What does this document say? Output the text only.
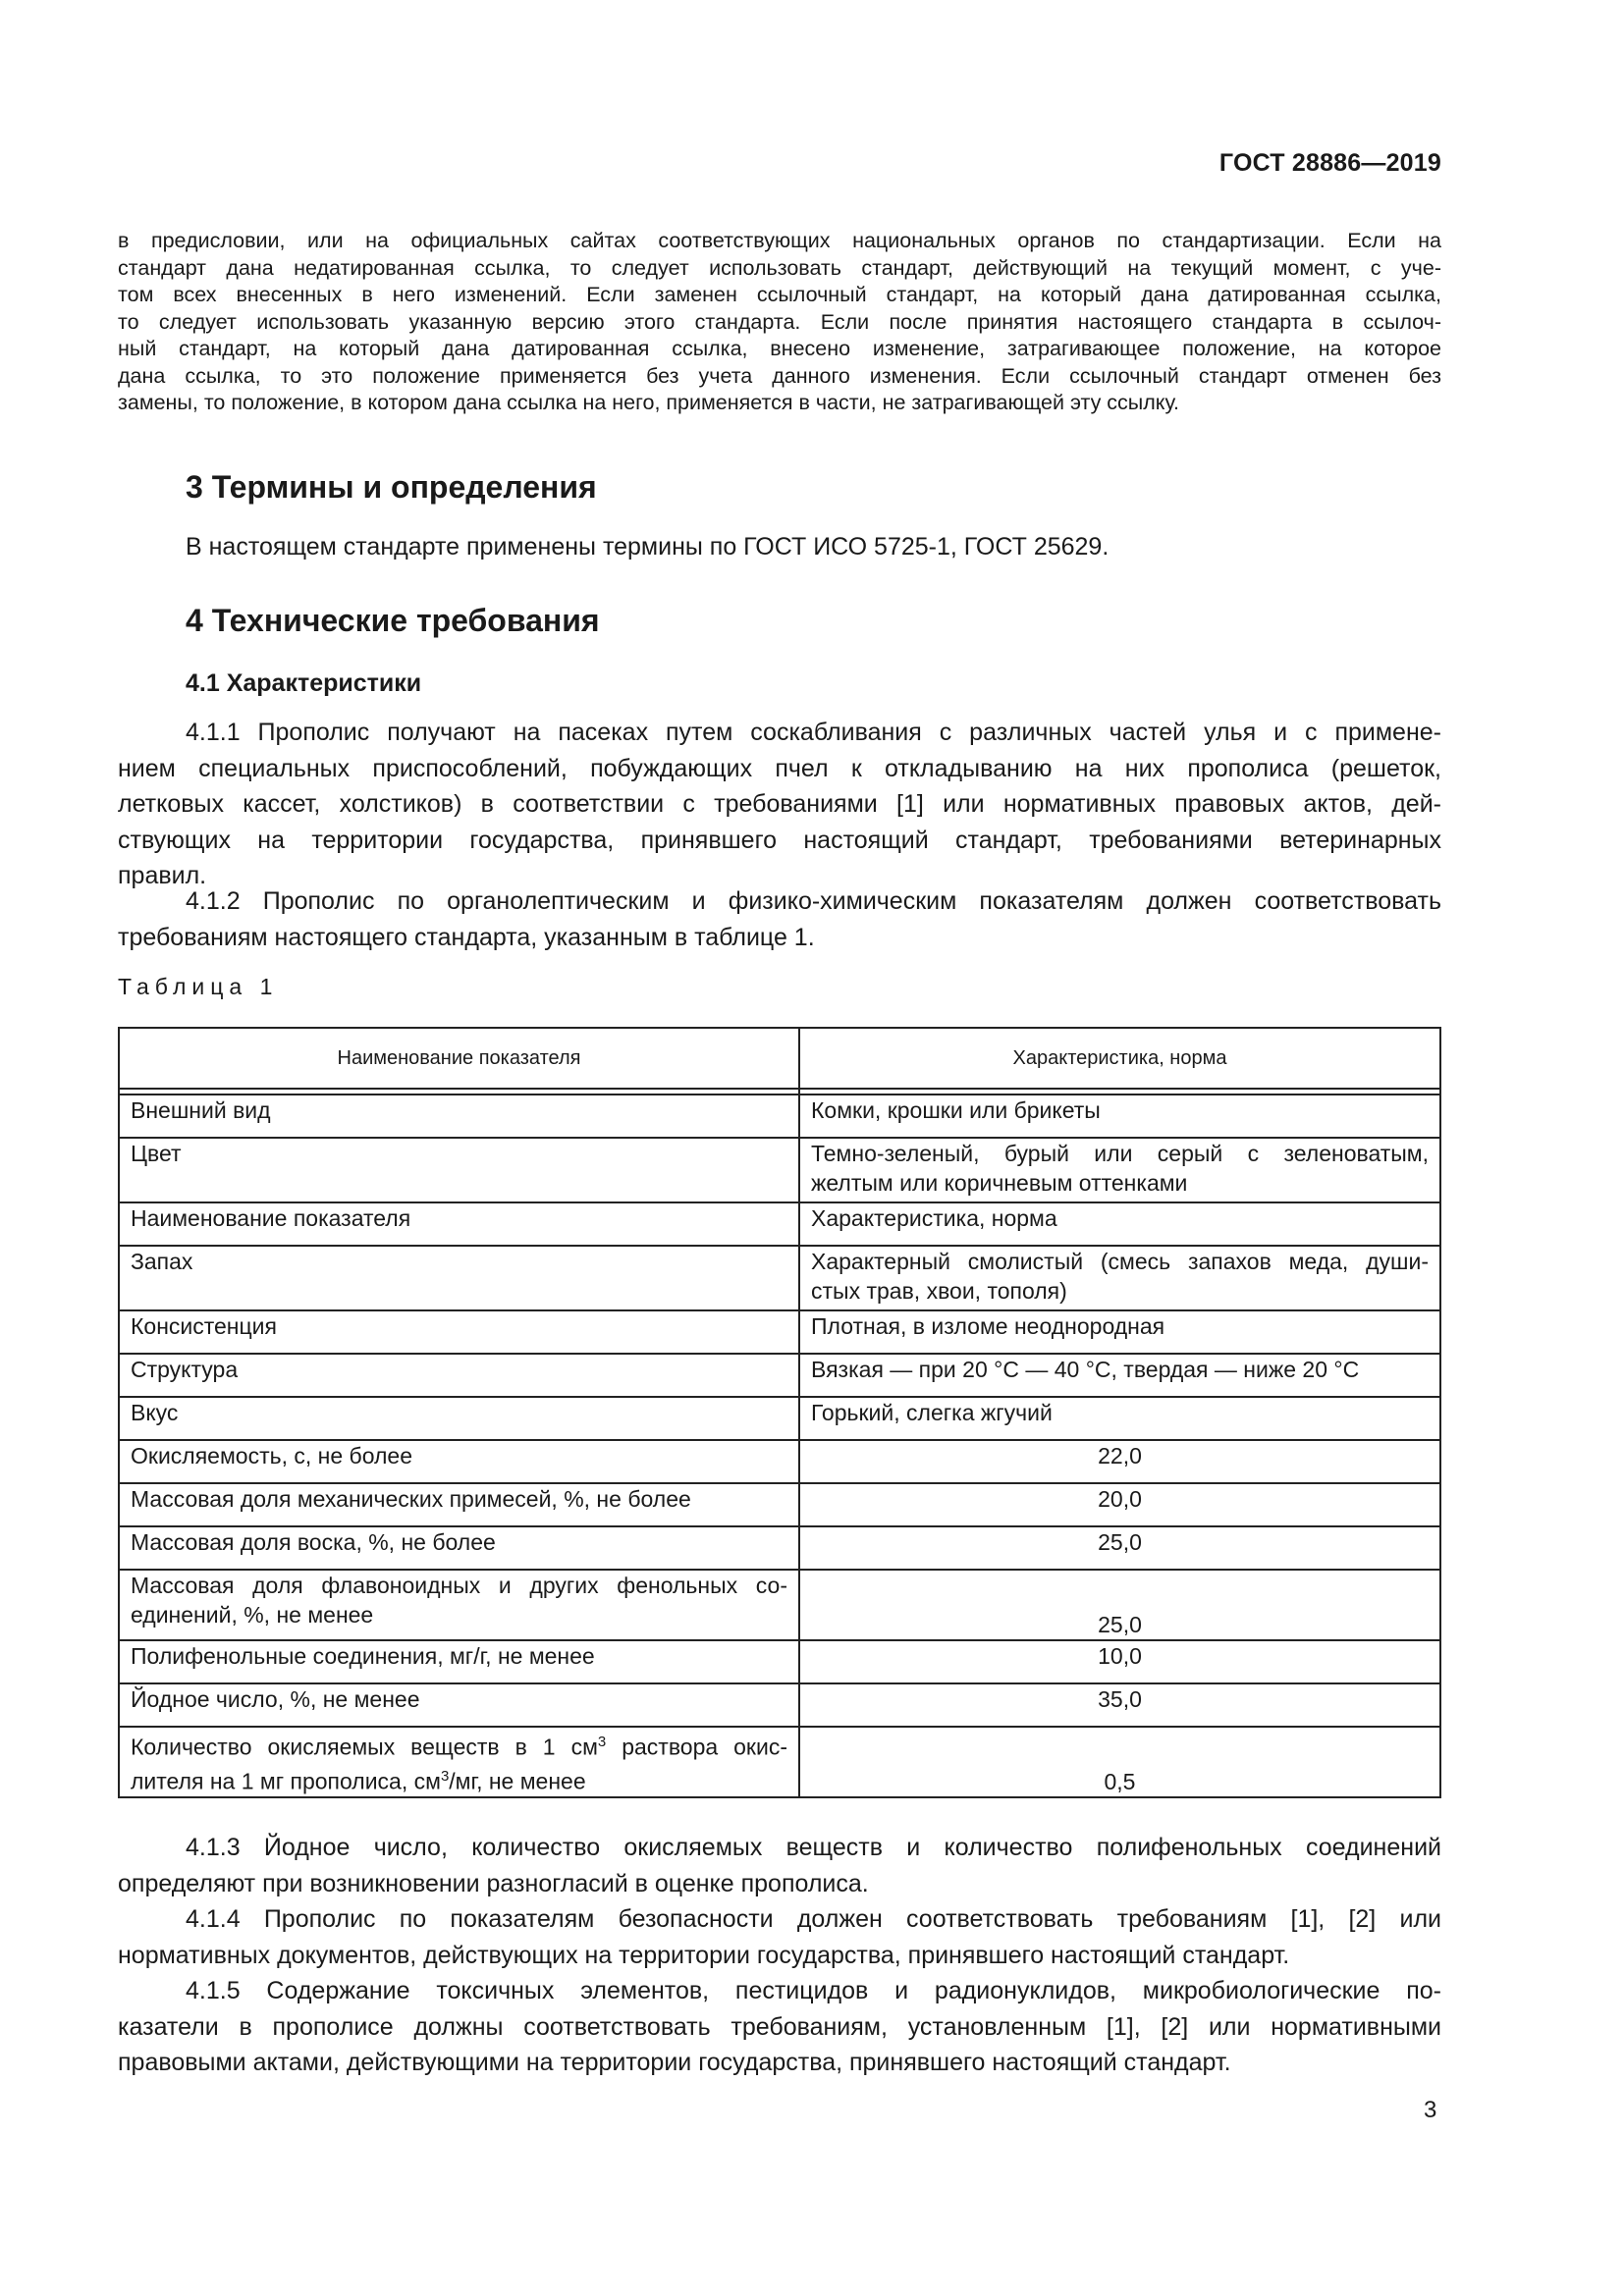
ГОСТ 28886—2019
в предисловии, или на официальных сайтах соответствующих национальных органов по стандартизации. Если на
стандарт дана недатированная ссылка, то следует использовать стандарт, действующий на текущий момент, с уче-
том всех внесенных в него изменений. Если заменен ссылочный стандарт, на который дана датированная ссылка,
то следует использовать указанную версию этого стандарта. Если после принятия настоящего стандарта в ссылоч-
ный стандарт, на который дана датированная ссылка, внесено изменение, затрагивающее положение, на которое
дана ссылка, то это положение применяется без учета данного изменения. Если ссылочный стандарт отменен без
замены, то положение, в котором дана ссылка на него, применяется в части, не затрагивающей эту ссылку.
3 Термины и определения
В настоящем стандарте применены термины по ГОСТ ИСО 5725-1, ГОСТ 25629.
4 Технические требования
4.1 Характеристики
4.1.1 Прополис получают на пасеках путем соскабливания с различных частей улья и с примене-
нием специальных приспособлений, побуждающих пчел к откладыванию на них прополиса (решеток,
летковых кассет, холстиков) в соответствии с требованиями [1] или нормативных правовых актов, дей-
ствующих на территории государства, принявшего настоящий стандарт, требованиями ветеринарных
правил.
4.1.2 Прополис по органолептическим и физико-химическим показателям должен соответствовать
требованиям настоящего стандарта, указанным в таблице 1.
Таблица 1
Наименование показателя	Характеристика, норма

Внешний вид	Комки, крошки или брикеты
Цвет	Темно-зеленый, бурый или серый с зеленоватым,
желтым или коричневым оттенками

Наименование показателя	Характеристика, норма
Запах	Характерный смолистый (смесь запахов меда, души-
стых трав, хвои, тополя)

Консистенция	Плотная, в изломе неоднородная
Структура	Вязкая — при 20 °С — 40 °С, твердая — ниже 20 °С
Вкус	Горький, слегка жгучий
Окисляемость, с, не более	22,0

Массовая доля механических примесей, %, не более	20,0

Массовая доля воска, %, не более	25,0

Массовая доля флавоноидных и других фенольных со-
единений, %, не менее	25,0

Полифенольные соединения, мг/г, не менее	10,0

Йодное число, %, не менее	35,0

Количество окисляемых веществ в 1 $см^3$ раствора окис-
лителя на 1 мг прополиса, $см^3/мг$, не менее	0,5
4.1.3 Йодное число, количество окисляемых веществ и количество полифенольных соединений
определяют при возникновении разногласий в оценке прополиса.
4.1.4 Прополис по показателям безопасности должен соответствовать требованиям [1], [2] или
нормативных документов, действующих на территории государства, принявшего настоящий стандарт.
4.1.5 Содержание токсичных элементов, пестицидов и радионуклидов, микробиологические по-
казатели в прополисе должны соответствовать требованиям, установленным [1], [2] или нормативными
правовыми актами, действующими на территории государства, принявшего настоящий стандарт.
3
